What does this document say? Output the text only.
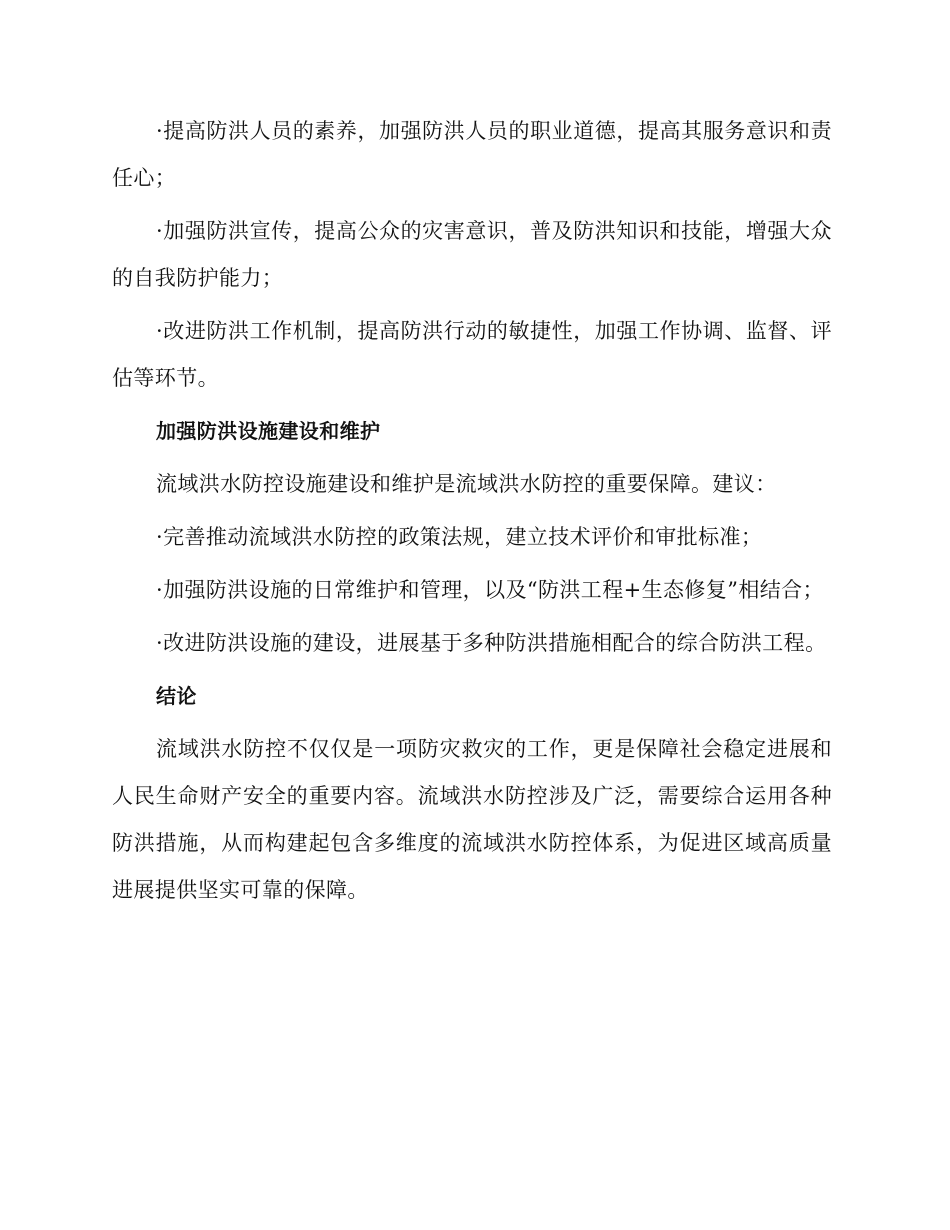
·提高防洪人员的素养，加强防洪人员的职业道德，提高其服务意识和责任心；

·加强防洪宣传，提高公众的灾害意识，普及防洪知识和技能，增强大众的自我防护能力；

·改进防洪工作机制，提高防洪行动的敏捷性，加强工作协调、监督、评估等环节。

加强防洪设施建设和维护

流域洪水防控设施建设和维护是流域洪水防控的重要保障。建议：

·完善推动流域洪水防控的政策法规，建立技术评价和审批标准；

·加强防洪设施的日常维护和管理，以及“防洪工程+生态修复”相结合；

·改进防洪设施的建设，进展基于多种防洪措施相配合的综合防洪工程。

结论

流域洪水防控不仅仅是一项防灾救灾的工作，更是保障社会稳定进展和人民生命财产安全的重要内容。流域洪水防控涉及广泛，需要综合运用各种防洪措施，从而构建起包含多维度的流域洪水防控体系，为促进区域高质量进展提供坚实可靠的保障。
